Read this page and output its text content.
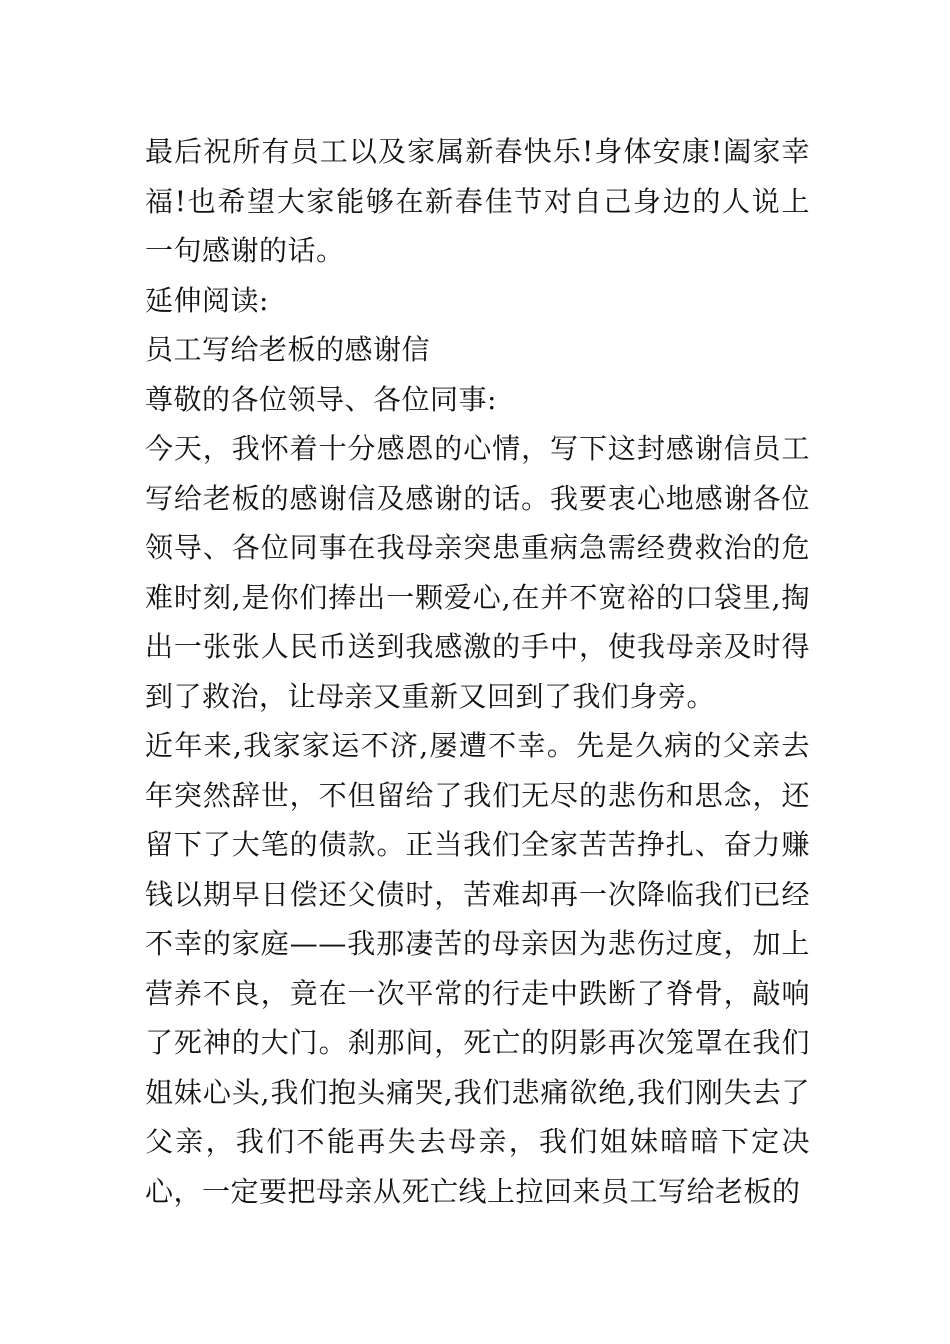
最后祝所有员工以及家属新春快乐!身体安康!阖家幸福!也希望大家能够在新春佳节对自己身边的人说上一句感谢的话。

延伸阅读:

员工写给老板的感谢信

尊敬的各位领导、各位同事:

今天，我怀着十分感恩的心情，写下这封感谢信员工写给老板的感谢信及感谢的话。我要衷心地感谢各位领导、各位同事在我母亲突患重病急需经费救治的危难时刻,是你们捧出一颗爱心,在并不宽裕的口袋里,掏出一张张人民币送到我感激的手中，使我母亲及时得到了救治，让母亲又重新又回到了我们身旁。

近年来,我家家运不济,屡遭不幸。先是久病的父亲去年突然辞世，不但留给了我们无尽的悲伤和思念，还留下了大笔的债款。正当我们全家苦苦挣扎、奋力赚钱以期早日偿还父债时，苦难却再一次降临我们已经不幸的家庭——我那凄苦的母亲因为悲伤过度，加上营养不良，竟在一次平常的行走中跌断了脊骨，敲响了死神的大门。刹那间，死亡的阴影再次笼罩在我们姐妹心头,我们抱头痛哭,我们悲痛欲绝,我们刚失去了父亲，我们不能再失去母亲，我们姐妹暗暗下定决心，一定要把母亲从死亡线上拉回来员工写给老板的
